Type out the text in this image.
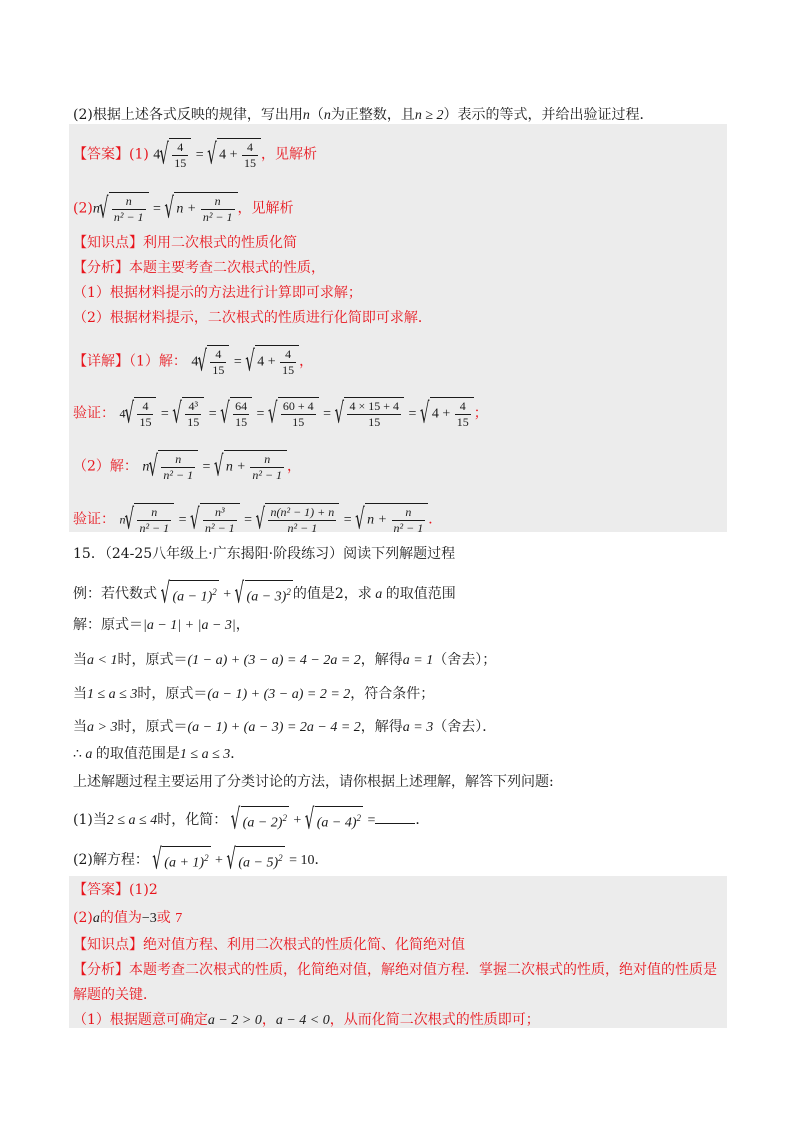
(2)根据上述各式反映的规律，写出用n（n为正整数，且n ≥ 2）表示的等式，并给出验证过程．
【答案】(1) 4 √ $\frac{4}{15}$ = √ $4 + \frac{4}{15}$ ，见解析
(2)n √ $\frac{n}{\text{n² − 1}}$ = √ $n + \frac{n}{\text{n² − 1}}$ ，见解析
【知识点】利用二次根式的性质化简
【分析】本题主要考查二次根式的性质，
（1）根据材料提示的方法进行计算即可求解；
（2）根据材料提示，二次根式的性质进行化简即可求解．
【详解】（1）解： 4 √ $\frac{4}{15}$ = √ $4 + \frac{4}{15}$ ，
验证： 4 √ $\frac{4}{15}$ = √ $\frac{\text{4³}}{15}$ = √ $\frac{64}{15}$ = √ $\frac{60 + 4}{15}$ = √ $\frac{4 \times 15 + 4}{15}$ = √ $4 + \frac{4}{15}$ ；
（2）解： n √ $\frac{n}{\text{n² − 1}}$ = √ $n + \frac{n}{\text{n² − 1}}$ ，
验证： n √ $\frac{n}{\text{n² − 1}}$ = √ $\frac{\text{n³}}{\text{n² − 1}}$ = √ $\frac{\text{n(n² − 1) + n}}{\text{n² − 1}}$ = √ $n + \frac{n}{\text{n² − 1}}$ ．
15．（24-25八年级上·广东揭阳·阶段练习）阅读下列解题过程
例：若代数式 √ $(a - 1)^2$ + √ $(a - 3)^2$ 的值是2，求 a 的取值范围
解：原式＝|a − 1| + |a − 3|，
当a < 1时，原式＝(1 − a) + (3 − a) = 4 − 2a = 2，解得a = 1（舍去）；
当1 ≤ a ≤ 3时，原式＝(a − 1) + (3 − a) = 2 = 2，符合条件；
当a > 3时，原式＝(a − 1) + (a − 3) = 2a − 4 = 2，解得a = 3（舍去）．
∴ a 的取值范围是1 ≤ a ≤ 3．
上述解题过程主要运用了分类讨论的方法，请你根据上述理解，解答下列问题:
(1)当2 ≤ a ≤ 4时，化简： √ $(a - 2)^2$ + √ $(a - 4)^2$ =	．
(2)解方程： √ $(a + 1)^2$ + √ $(a - 5)^2 = 10$．
【答案】(1)2
(2)a的值为−3或 7
【知识点】绝对值方程、利用二次根式的性质化简、化简绝对值
【分析】本题考查二次根式的性质，化简绝对值，解绝对值方程．掌握二次根式的性质，绝对值的性质是
解题的关键．
（1）根据题意可确定a − 2 > 0，a − 4 < 0，从而化简二次根式的性质即可；
